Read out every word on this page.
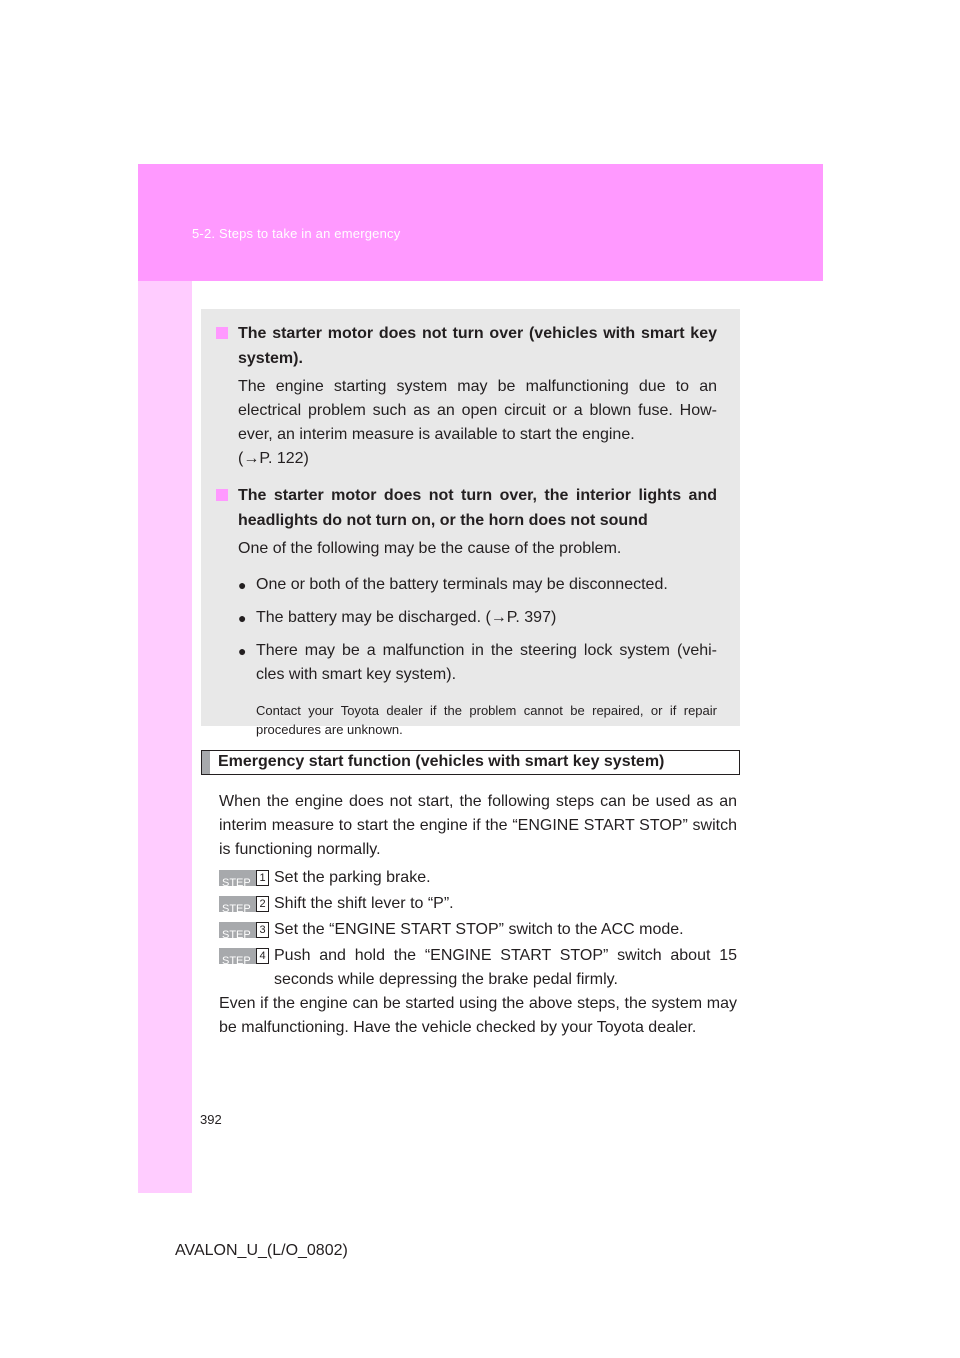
5-2. Steps to take in an emergency
The starter motor does not turn over (vehicles with smart key system).
The engine starting system may be malfunctioning due to an electrical problem such as an open circuit or a blown fuse. How-ever, an interim measure is available to start the engine.
(→P. 122)
The starter motor does not turn over, the interior lights and headlights do not turn on, or the horn does not sound
One of the following may be the cause of the problem.
● One or both of the battery terminals may be disconnected.
● The battery may be discharged. (→P. 397)
● There may be a malfunction in the steering lock system (vehi-cles with smart key system).
Contact your Toyota dealer if the problem cannot be repaired, or if repair procedures are unknown.
Emergency start function (vehicles with smart key system)
When the engine does not start, the following steps can be used as an interim measure to start the engine if the “ENGINE START STOP” switch is functioning normally.
STEP 1 Set the parking brake.
STEP 2 Shift the shift lever to “P”.
STEP 3 Set the “ENGINE START STOP” switch to the ACC mode.
STEP 4 Push and hold the “ENGINE START STOP” switch about 15 seconds while depressing the brake pedal firmly.
Even if the engine can be started using the above steps, the system may be malfunctioning. Have the vehicle checked by your Toyota dealer.
392
AVALON_U_(L/O_0802)
